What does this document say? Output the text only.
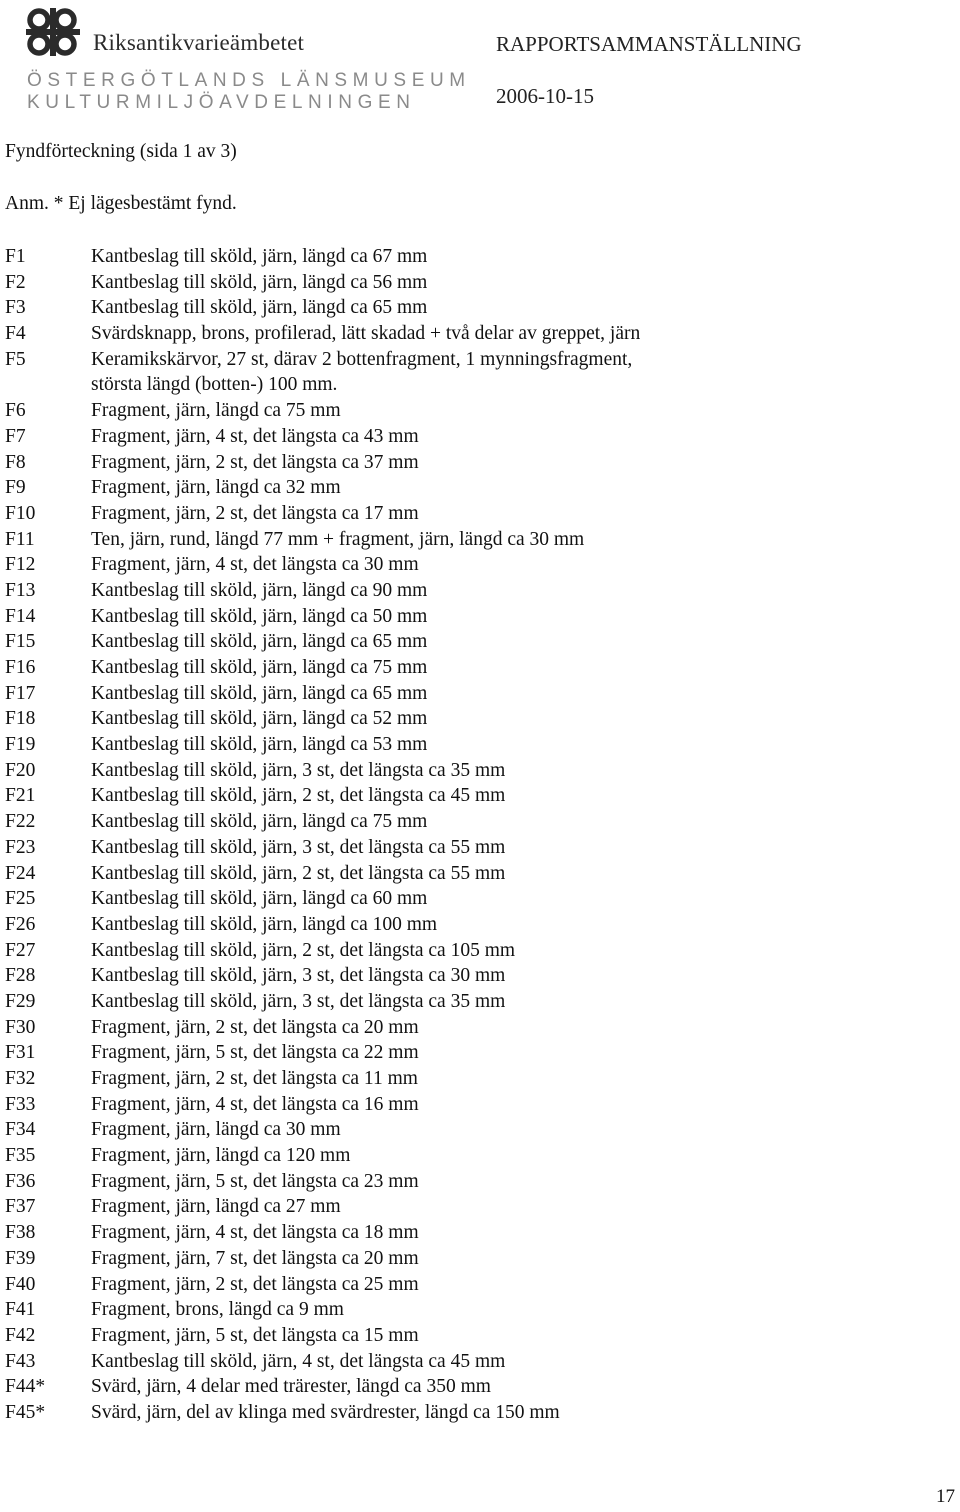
Riksantikvarieämbetet
ÖSTERGÖTLANDS LÄNSMUSEUM
KULTURMILJÖAVDELNINGEN
RAPPORTSAMMANSTÄLLNING
2006-10-15
Fyndförteckning (sida 1 av 3)
Anm. * Ej lägesbestämt fynd.
F1	Kantbeslag till sköld, järn, längd ca 67 mm
F2	Kantbeslag till sköld, järn, längd ca 56 mm
F3	Kantbeslag till sköld, järn, längd ca 65 mm
F4	Svärdsknapp, brons, profilerad, lätt skadad + två delar av greppet, järn
F5	Keramikskärvor, 27 st, därav 2 bottenfragment, 1 mynningsfragment,
största längd (botten-) 100 mm.
F6	Fragment, järn, längd ca 75 mm
F7	Fragment, järn, 4 st, det längsta ca 43 mm
F8	Fragment, järn, 2 st, det längsta ca 37 mm
F9	Fragment, järn, längd ca 32 mm
F10	Fragment, järn, 2 st, det längsta ca 17 mm
F11	Ten, järn, rund, längd 77 mm + fragment, järn, längd ca 30 mm
F12	Fragment, järn, 4 st, det längsta ca 30 mm
F13	Kantbeslag till sköld, järn, längd ca 90 mm
F14	Kantbeslag till sköld, järn, längd ca 50 mm
F15	Kantbeslag till sköld, järn, längd ca 65 mm
F16	Kantbeslag till sköld, järn, längd ca 75 mm
F17	Kantbeslag till sköld, järn, längd ca 65 mm
F18	Kantbeslag till sköld, järn, längd ca 52 mm
F19	Kantbeslag till sköld, järn, längd ca 53 mm
F20	Kantbeslag till sköld, järn, 3 st, det längsta ca 35 mm
F21	Kantbeslag till sköld, järn, 2 st, det längsta ca 45 mm
F22	Kantbeslag till sköld, järn, längd ca 75 mm
F23	Kantbeslag till sköld, järn, 3 st, det längsta ca 55 mm
F24	Kantbeslag till sköld, järn, 2 st, det längsta ca 55 mm
F25	Kantbeslag till sköld, järn, längd ca 60 mm
F26	Kantbeslag till sköld, järn, längd ca 100 mm
F27	Kantbeslag till sköld, järn, 2 st, det längsta ca 105 mm
F28	Kantbeslag till sköld, järn, 3 st, det längsta ca 30 mm
F29	Kantbeslag till sköld, järn, 3 st, det längsta ca 35 mm
F30	Fragment, järn, 2 st, det längsta ca 20 mm
F31	Fragment, järn, 5 st, det längsta ca 22 mm
F32	Fragment, järn, 2 st, det längsta ca 11 mm
F33	Fragment, järn, 4 st, det längsta ca 16 mm
F34	Fragment, järn, längd ca 30 mm
F35	Fragment, järn, längd ca 120 mm
F36	Fragment, järn, 5 st, det längsta ca 23 mm
F37	Fragment, järn, längd ca 27 mm
F38	Fragment, järn, 4 st, det längsta ca 18 mm
F39	Fragment, järn, 7 st, det längsta ca 20 mm
F40	Fragment, järn, 2 st, det längsta ca 25 mm
F41	Fragment, brons, längd ca 9 mm
F42	Fragment, järn, 5 st, det längsta ca 15 mm
F43	Kantbeslag till sköld, järn, 4 st, det längsta ca 45 mm
F44*	Svärd, järn, 4 delar med trärester, längd ca 350 mm
F45*	Svärd, järn, del av klinga med svärdrester, längd ca 150 mm
17
